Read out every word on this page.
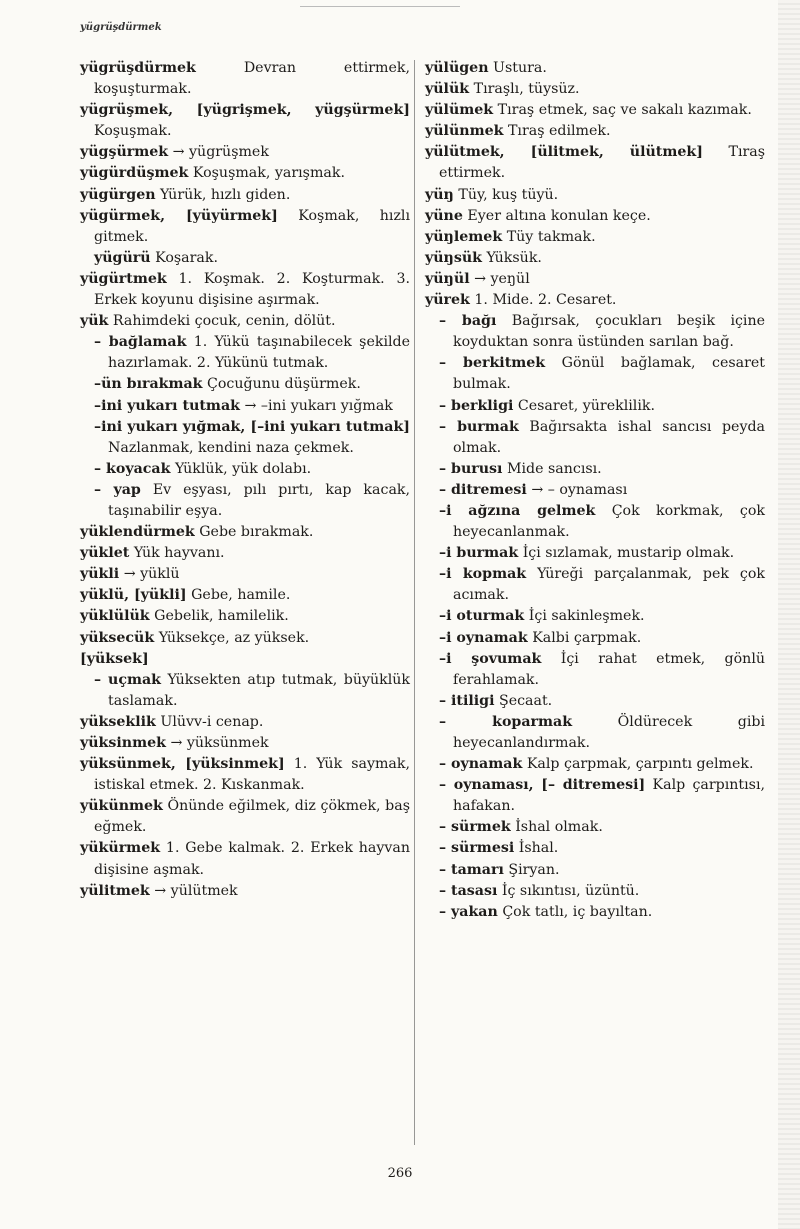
yügrüşdürmek

yügrüşdürmek	Devran ettirmek, koşuşturmak.

yügrüşmek, [yügrişmek, yügşürmek] Koşuşmak.

yügşürmek → yügrüşmek

yügürdüşmek Koşuşmak, yarışmak.

yügürgen Yürük, hızlı giden.

yügürmek, [yüyürmek] Koşmak, hızlı gitmek.

yügürü Koşarak.

yügürtmek 1. Koşmak. 2. Koşturmak. 3. Erkek koyunu dişisine aşırmak.

yük Rahimdeki çocuk, cenin, dölüt.

– bağlamak 1. Yükü taşınabilecek şekilde hazırlamak. 2. Yükünü tutmak.

–ün bırakmak Çocuğunu düşürmek.

–ini yukarı tutmak → –ini yukarı yığmak

–ini yukarı yığmak, [–ini yukarı tutmak] Nazlanmak, kendini naza çekmek.

– koyacak Yüklük, yük dolabı.

– yap Ev eşyası, pılı pırtı, kap kacak, taşınabilir eşya.

yüklendürmek Gebe bırakmak.

yüklet Yük hayvanı.

yükli → yüklü

yüklü, [yükli] Gebe, hamile.

yüklülük Gebelik, hamilelik.

yüksecük Yüksekçe, az yüksek.

[yüksek]

– uçmak Yüksekten atıp tutmak, büyüklük taslamak.

yükseklik Ulüvv-i cenap.

yüksinmek → yüksünmek

yüksünmek, [yüksinmek] 1. Yük saymak, istiskal etmek. 2. Kıskanmak.

yükünmek Önünde eğilmek, diz çökmek, baş eğmek.

yükürmek 1. Gebe kalmak. 2. Erkek hayvan dişisine aşmak.

yülitmek → yülütmek

yülügen Ustura.

yülük Tıraşlı, tüysüz.

yülümek Tıraş etmek, saç ve sakalı kazımak.

yülünmek Tıraş edilmek.

yülütmek, [ülitmek, ülütmek] Tıraş ettirmek.

yüŋ Tüy, kuş tüyü.

yüne Eyer altına konulan keçe.

yüŋlemek Tüy takmak.

yüŋsük Yüksük.

yüŋül → yeŋül

yürek 1. Mide. 2. Cesaret.

– bağı Bağırsak, çocukları beşik içine koyduktan sonra üstünden sarılan bağ.

– berkitmek Gönül bağlamak, cesaret bulmak.

– berkligi Cesaret, yüreklilik.

– burmak Bağırsakta ishal sancısı peyda olmak.

– burusı Mide sancısı.

– ditremesi → – oynaması

–i ağzına gelmek Çok korkmak, çok heyecanlanmak.

–i burmak İçi sızlamak, mustarip olmak.

–i kopmak Yüreği parçalanmak, pek çok acımak.

–i oturmak İçi sakinleşmek.

–i oynamak Kalbi çarpmak.

–i şovumak İçi rahat etmek, gönlü ferahlamak.

– itiligi Şecaat.

– koparmak	Öldürecek gibi heyecanlandırmak.

– oynamak Kalp çarpmak, çarpıntı gelmek.

– oynaması, [– ditremesi] Kalp çarpıntısı, hafakan.

– sürmek İshal olmak.

– sürmesi İshal.

– tamarı Şiryan.

– tasası İç sıkıntısı, üzüntü.

– yakan Çok tatlı, iç bayıltan.

266
